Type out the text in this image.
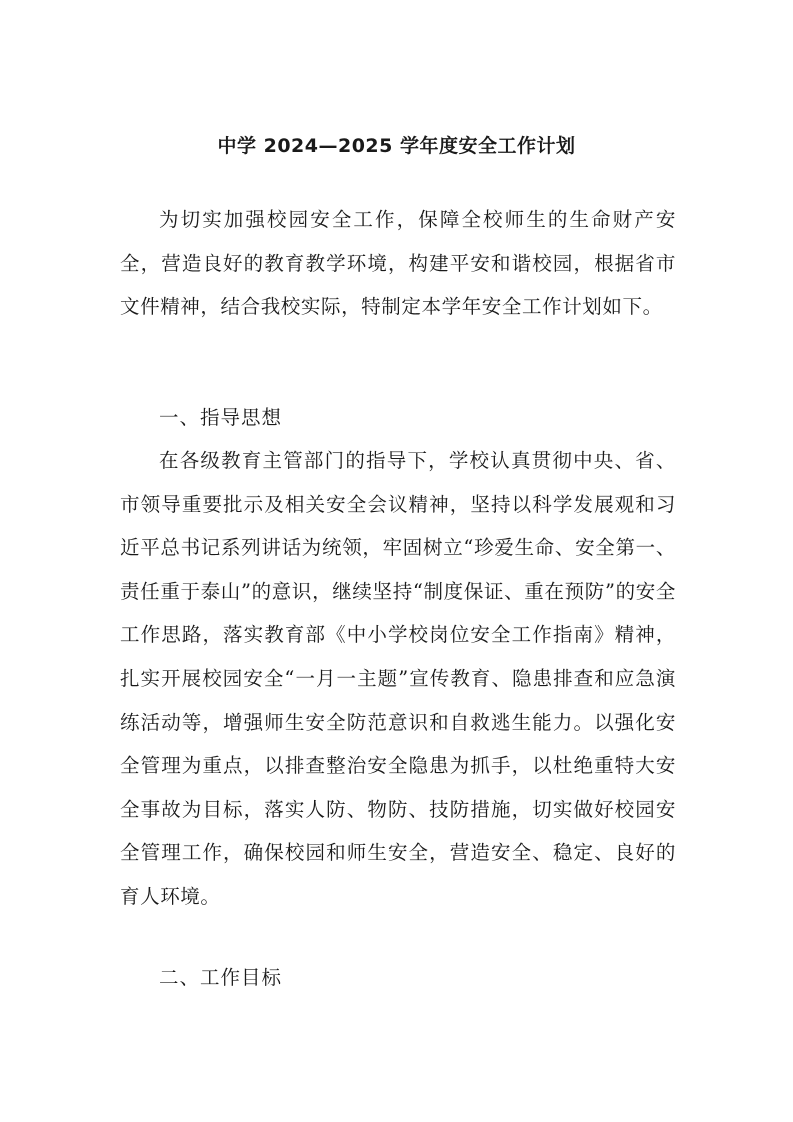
中学 2024—2025 学年度安全工作计划

为切实加强校园安全工作，保障全校师生的生命财产安全，营造良好的教育教学环境，构建平安和谐校园，根据省市文件精神，结合我校实际，特制定本学年安全工作计划如下。

一、指导思想

在各级教育主管部门的指导下，学校认真贯彻中央、省、市领导重要批示及相关安全会议精神，坚持以科学发展观和习近平总书记系列讲话为统领，牢固树立“珍爱生命、安全第一、责任重于泰山”的意识，继续坚持“制度保证、重在预防”的安全工作思路，落实教育部《中小学校岗位安全工作指南》精神，扎实开展校园安全“一月一主题”宣传教育、隐患排查和应急演练活动等，增强师生安全防范意识和自救逃生能力。以强化安全管理为重点，以排查整治安全隐患为抓手，以杜绝重特大安全事故为目标，落实人防、物防、技防措施，切实做好校园安全管理工作，确保校园和师生安全，营造安全、稳定、良好的育人环境。

二、工作目标
